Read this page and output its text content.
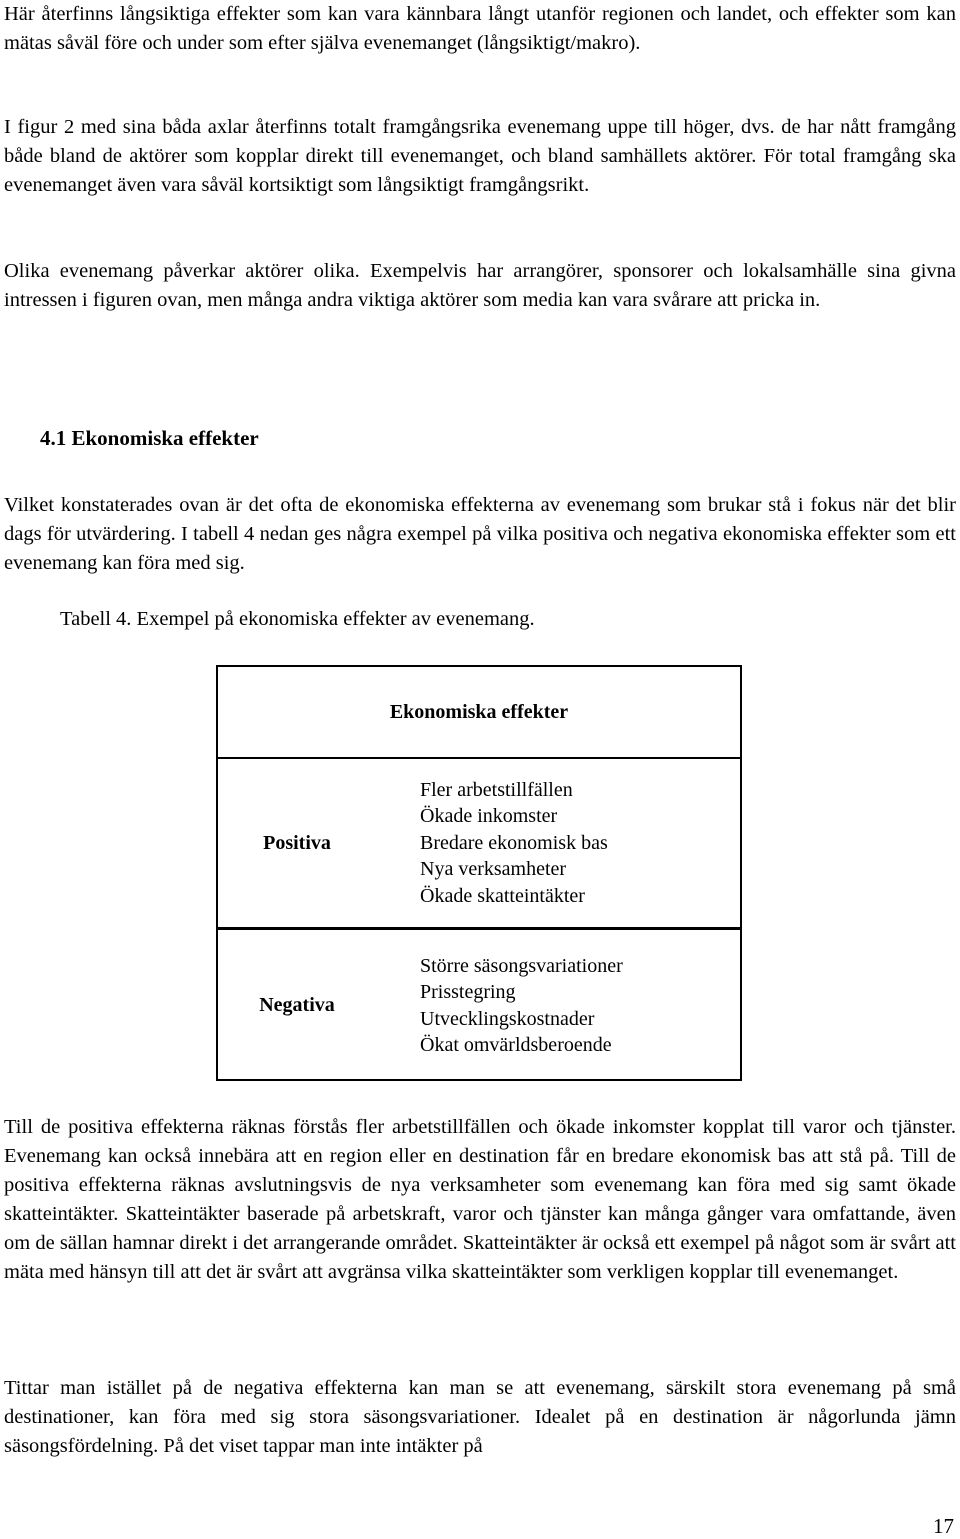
Här återfinns långsiktiga effekter som kan vara kännbara långt utanför regionen och landet, och effekter som kan mätas såväl före och under som efter själva evenemanget (långsiktigt/makro).

I figur 2 med sina båda axlar återfinns totalt framgångsrika evenemang uppe till höger, dvs. de har nått framgång både bland de aktörer som kopplar direkt till evenemanget, och bland samhällets aktörer. För total framgång ska evenemanget även vara såväl kortsiktigt som långsiktigt framgångsrikt.

Olika evenemang påverkar aktörer olika. Exempelvis har arrangörer, sponsorer och lokalsamhälle sina givna intressen i figuren ovan, men många andra viktiga aktörer som media kan vara svårare att pricka in.

4.1 Ekonomiska effekter

Vilket konstaterades ovan är det ofta de ekonomiska effekterna av evenemang som brukar stå i fokus när det blir dags för utvärdering. I tabell 4 nedan ges några exempel på vilka positiva och negativa ekonomiska effekter som ett evenemang kan föra med sig.

Tabell 4. Exempel på ekonomiska effekter av evenemang.

Ekonomiska effekter
Positiva
Fler arbetstillfällen
Ökade inkomster
Bredare ekonomisk bas
Nya verksamheter
Ökade skatteintäkter
Negativa
Större säsongsvariationer
Prisstegring
Utvecklingskostnader
Ökat omvärldsberoende

Till de positiva effekterna räknas förstås fler arbetstillfällen och ökade inkomster kopplat till varor och tjänster. Evenemang kan också innebära att en region eller en destination får en bredare ekonomisk bas att stå på. Till de positiva effekterna räknas avslutningsvis de nya verksamheter som evenemang kan föra med sig samt ökade skatteintäkter. Skatteintäkter baserade på arbetskraft, varor och tjänster kan många gånger vara omfattande, även om de sällan hamnar direkt i det arrangerande området. Skatteintäkter är också ett exempel på något som är svårt att mäta med hänsyn till att det är svårt att avgränsa vilka skatteintäkter som verkligen kopplar till evenemanget.

Tittar man istället på de negativa effekterna kan man se att evenemang, särskilt stora evenemang på små destinationer, kan föra med sig stora säsongsvariationer. Idealet på en destination är någorlunda jämn säsongsfördelning. På det viset tappar man inte intäkter på

17
